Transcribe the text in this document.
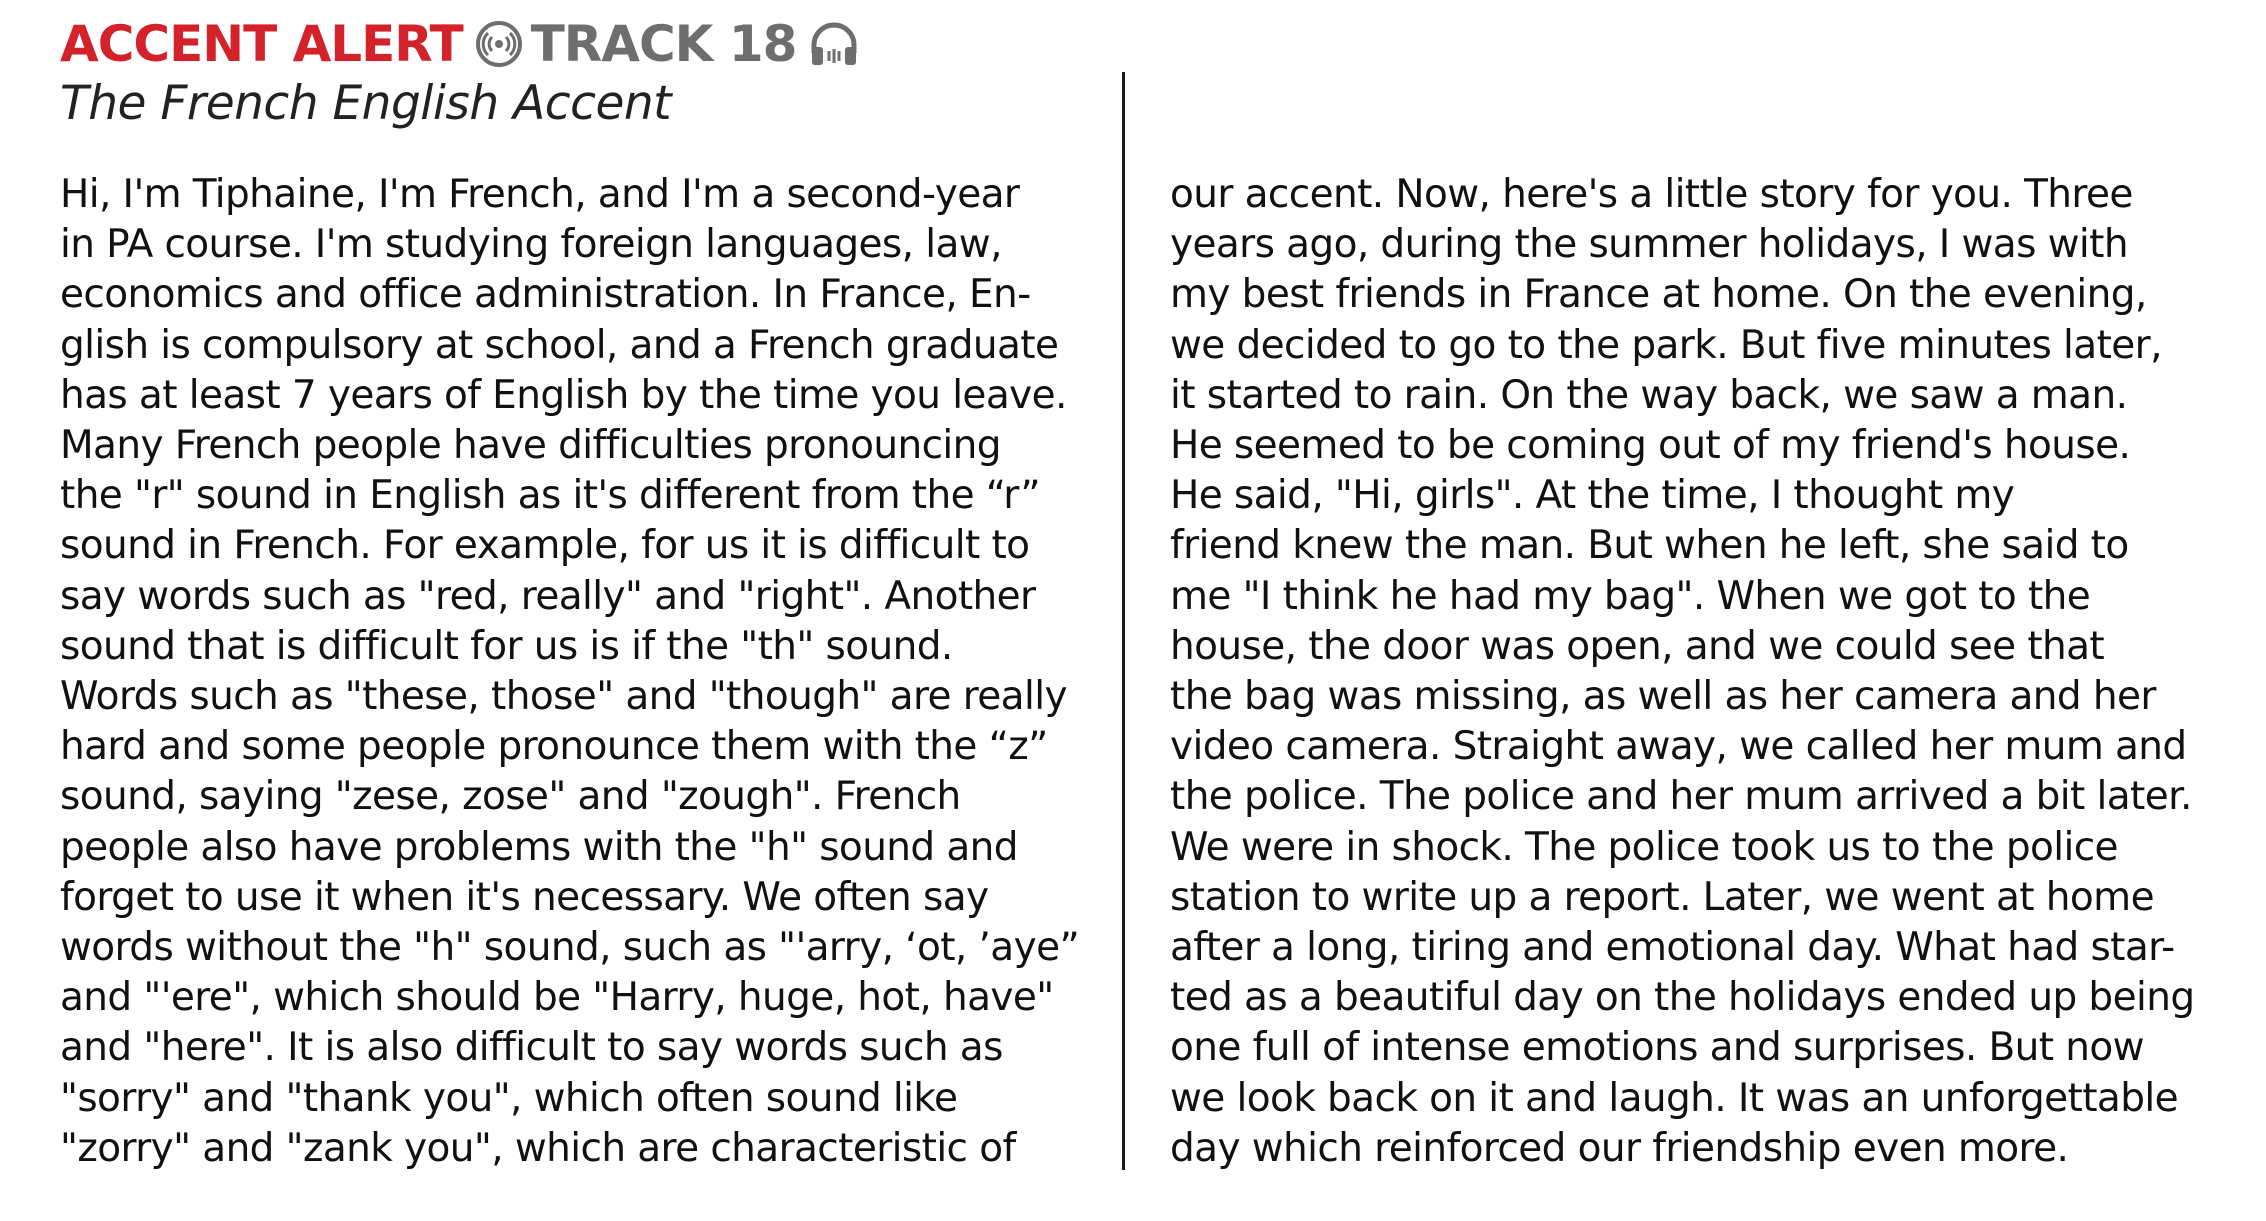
ACCENT ALERT TRACK 18
The French English Accent
Hi, I'm Tiphaine, I'm French, and I'm a second-year
in PA course. I'm studying foreign languages, law,
economics and office administration. In France, En-
glish is compulsory at school, and a French graduate
has at least 7 years of English by the time you leave.
Many French people have difficulties pronouncing
the "r" sound in English as it's different from the “r”
sound in French. For example, for us it is difficult to
say words such as "red, really" and "right". Another
sound that is difficult for us is if the "th" sound.
Words such as "these, those" and "though" are really
hard and some people pronounce them with the “z”
sound, saying "zese, zose" and "zough". French
people also have problems with the "h" sound and
forget to use it when it's necessary. We often say
words without the "h" sound, such as "'arry, ‘ot, ’aye”
and "'ere", which should be "Harry, huge, hot, have"
and "here". It is also difficult to say words such as
"sorry" and "thank you", which often sound like
"zorry" and "zank you", which are characteristic of
our accent. Now, here's a little story for you. Three
years ago, during the summer holidays, I was with
my best friends in France at home. On the evening,
we decided to go to the park. But five minutes later,
it started to rain. On the way back, we saw a man.
He seemed to be coming out of my friend's house.
He said, "Hi, girls". At the time, I thought my
friend knew the man. But when he left, she said to
me "I think he had my bag". When we got to the
house, the door was open, and we could see that
the bag was missing, as well as her camera and her
video camera. Straight away, we called her mum and
the police. The police and her mum arrived a bit later.
We were in shock. The police took us to the police
station to write up a report. Later, we went at home
after a long, tiring and emotional day. What had star-
ted as a beautiful day on the holidays ended up being
one full of intense emotions and surprises. But now
we look back on it and laugh. It was an unforgettable
day which reinforced our friendship even more.
